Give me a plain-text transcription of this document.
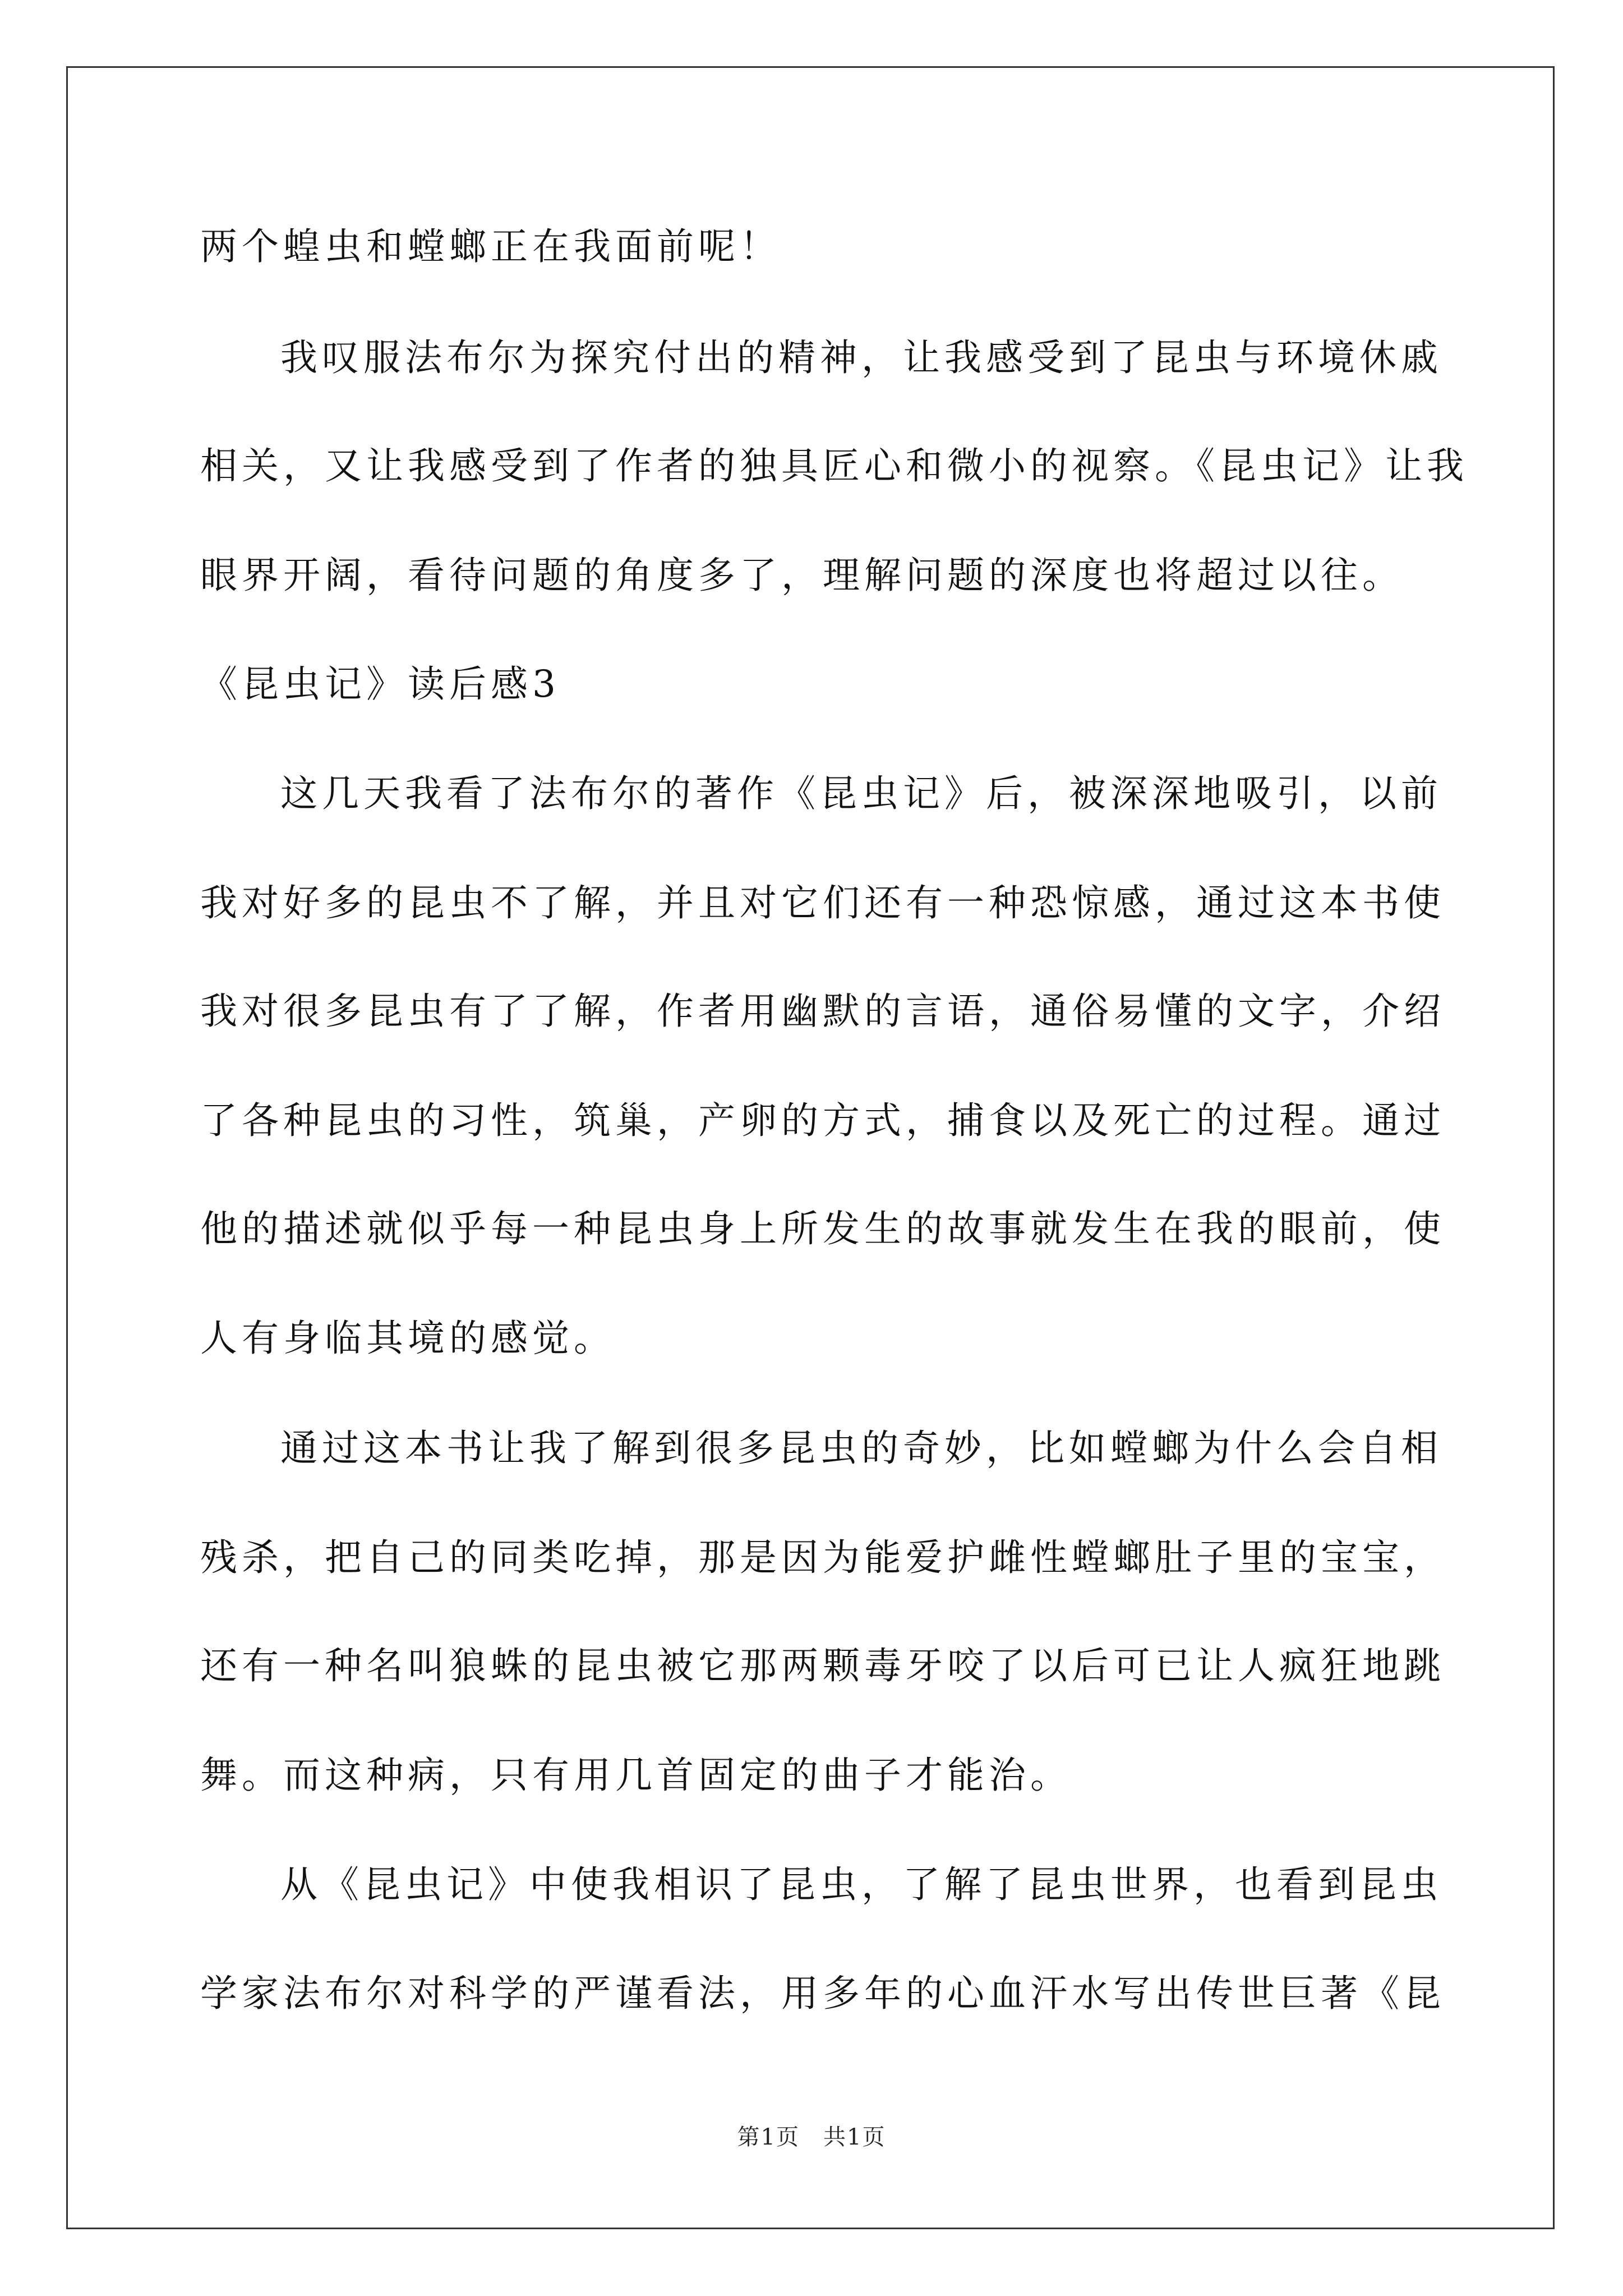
两个蝗虫和螳螂正在我面前呢！
我叹服法布尔为探究付出的精神，让我感受到了昆虫与环境休戚
相关，又让我感受到了作者的独具匠心和微小的视察。《昆虫记》让我
眼界开阔，看待问题的角度多了，理解问题的深度也将超过以往。
《昆虫记》读后感3
这几天我看了法布尔的著作《昆虫记》后，被深深地吸引，以前
我对好多的昆虫不了解，并且对它们还有一种恐惊感，通过这本书使
我对很多昆虫有了了解，作者用幽默的言语，通俗易懂的文字，介绍
了各种昆虫的习性，筑巢，产卵的方式，捕食以及死亡的过程。通过
他的描述就似乎每一种昆虫身上所发生的故事就发生在我的眼前，使
人有身临其境的感觉。
通过这本书让我了解到很多昆虫的奇妙，比如螳螂为什么会自相
残杀，把自己的同类吃掉，那是因为能爱护雌性螳螂肚子里的宝宝，
还有一种名叫狼蛛的昆虫被它那两颗毒牙咬了以后可已让人疯狂地跳
舞。而这种病，只有用几首固定的曲子才能治。
从《昆虫记》中使我相识了昆虫，了解了昆虫世界，也看到昆虫
学家法布尔对科学的严谨看法，用多年的心血汗水写出传世巨著《昆
第1页　共1页
